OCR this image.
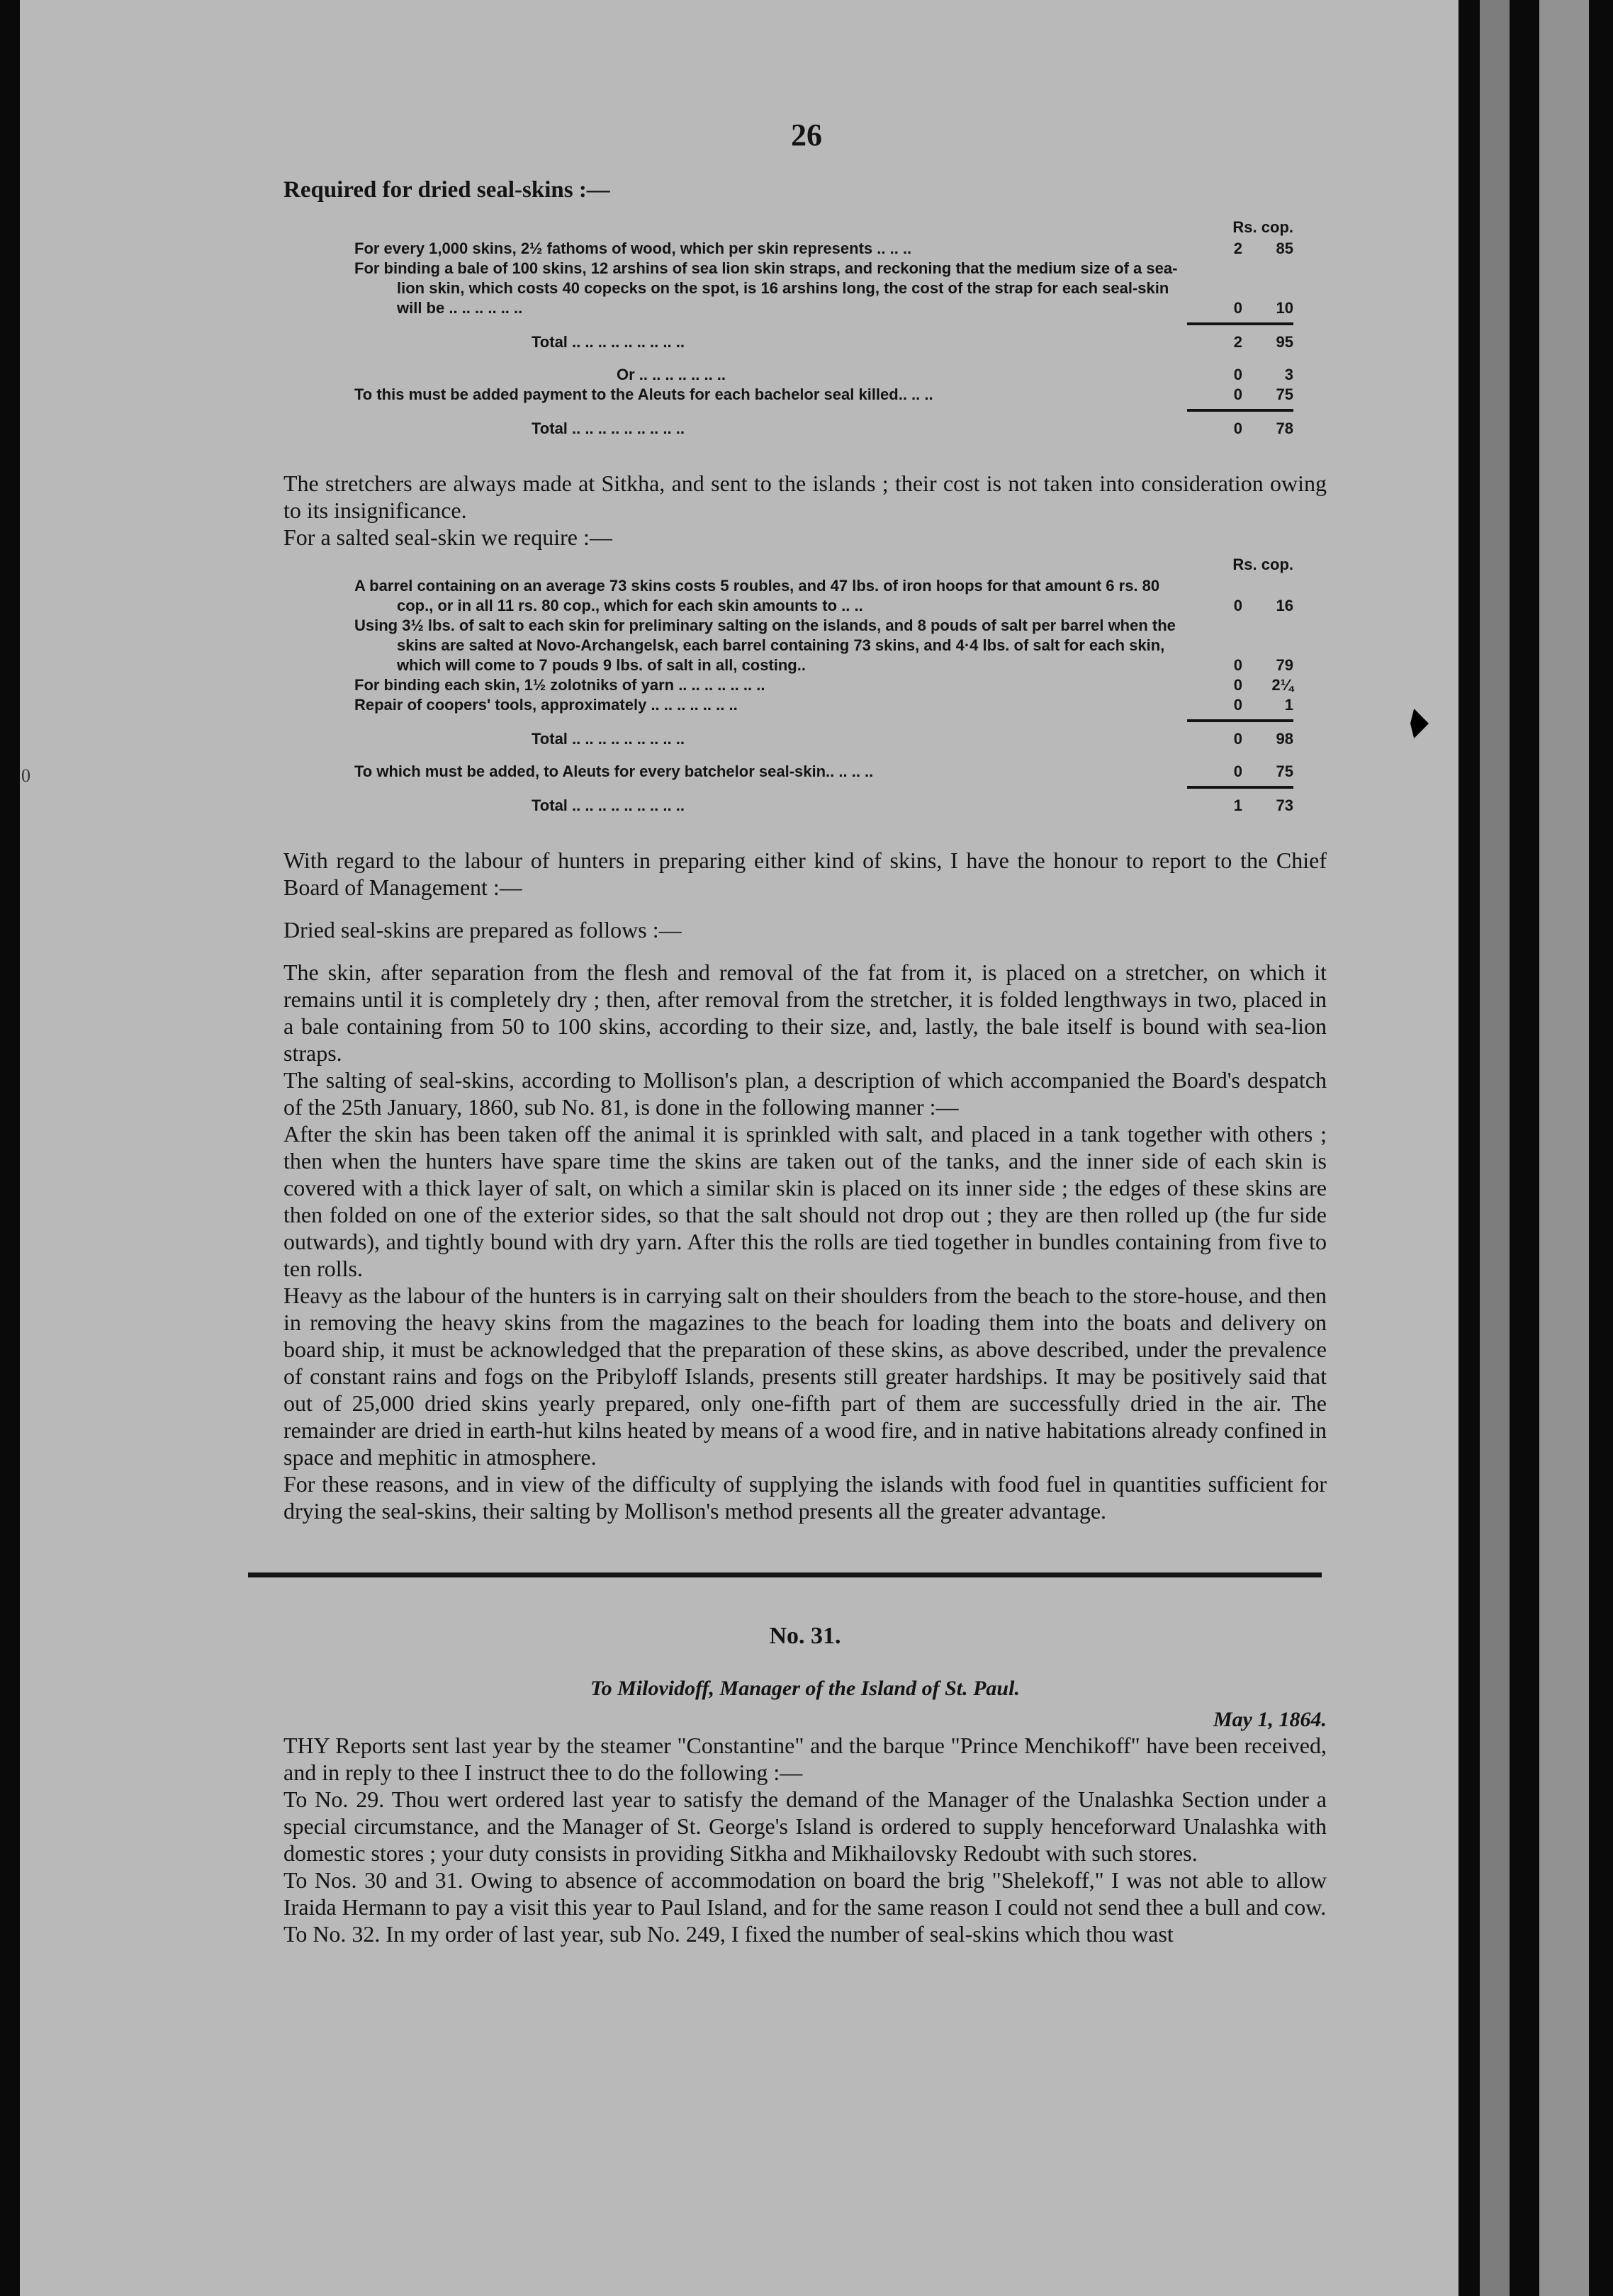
0
26

Required for dried seal-skins :—

Rs. cop.
For every 1,000 skins, 2½ fathoms of wood, which per skin represents .. .. ..	2	85
For binding a bale of 100 skins, 12 arshins of sea lion skin straps, and reckoning that the medium size of a sea-lion skin, which costs 40 copecks on the spot, is 16 arshins long, the cost of the strap for each seal-skin will be .. .. .. .. .. ..	0	10
Total .. .. .. .. .. .. .. .. ..	2	95
Or .. .. .. .. .. .. ..	0	3
To this must be added payment to the Aleuts for each bachelor seal killed.. .. ..	0	75
Total .. .. .. .. .. .. .. .. ..	0	78

The stretchers are always made at Sitkha, and sent to the islands ; their cost is not taken into consideration owing to its insignificance.

For a salted seal-skin we require :—

Rs. cop.
A barrel containing on an average 73 skins costs 5 roubles, and 47 lbs. of iron hoops for that amount 6 rs. 80 cop., or in all 11 rs. 80 cop., which for each skin amounts to .. ..	0	16
Using 3½ lbs. of salt to each skin for preliminary salting on the islands, and 8 pouds of salt per barrel when the skins are salted at Novo-Archangelsk, each barrel containing 73 skins, and 4·4 lbs. of salt for each skin, which will come to 7 pouds 9 lbs. of salt in all, costing..	0	79
For binding each skin, 1½ zolotniks of yarn .. .. .. .. .. .. ..	0	2¼
Repair of coopers' tools, approximately .. .. .. .. .. .. ..	0	1
Total .. .. .. .. .. .. .. .. ..	0	98
To which must be added, to Aleuts for every batchelor seal-skin.. .. .. ..	0	75
Total .. .. .. .. .. .. .. .. ..	1	73

With regard to the labour of hunters in preparing either kind of skins, I have the honour to report to the Chief Board of Management :—

Dried seal-skins are prepared as follows :—

The skin, after separation from the flesh and removal of the fat from it, is placed on a stretcher, on which it remains until it is completely dry ; then, after removal from the stretcher, it is folded lengthways in two, placed in a bale containing from 50 to 100 skins, according to their size, and, lastly, the bale itself is bound with sea-lion straps.

The salting of seal-skins, according to Mollison's plan, a description of which accompanied the Board's despatch of the 25th January, 1860, sub No. 81, is done in the following manner :—

After the skin has been taken off the animal it is sprinkled with salt, and placed in a tank together with others ; then when the hunters have spare time the skins are taken out of the tanks, and the inner side of each skin is covered with a thick layer of salt, on which a similar skin is placed on its inner side ; the edges of these skins are then folded on one of the exterior sides, so that the salt should not drop out ; they are then rolled up (the fur side outwards), and tightly bound with dry yarn. After this the rolls are tied together in bundles containing from five to ten rolls.

Heavy as the labour of the hunters is in carrying salt on their shoulders from the beach to the store-house, and then in removing the heavy skins from the magazines to the beach for loading them into the boats and delivery on board ship, it must be acknowledged that the preparation of these skins, as above described, under the prevalence of constant rains and fogs on the Pribyloff Islands, presents still greater hardships. It may be positively said that out of 25,000 dried skins yearly prepared, only one-fifth part of them are successfully dried in the air. The remainder are dried in earth-hut kilns heated by means of a wood fire, and in native habitations already confined in space and mephitic in atmosphere.

For these reasons, and in view of the difficulty of supplying the islands with food fuel in quantities sufficient for drying the seal-skins, their salting by Mollison's method presents all the greater advantage.

No. 31.

To Milovidoff, Manager of the Island of St. Paul.

May 1, 1864.

THY Reports sent last year by the steamer "Constantine" and the barque "Prince Menchikoff" have been received, and in reply to thee I instruct thee to do the following :—

To No. 29. Thou wert ordered last year to satisfy the demand of the Manager of the Unalashka Section under a special circumstance, and the Manager of St. George's Island is ordered to supply henceforward Unalashka with domestic stores ; your duty consists in providing Sitkha and Mikhailovsky Redoubt with such stores.

To Nos. 30 and 31. Owing to absence of accommodation on board the brig "Shelekoff," I was not able to allow Iraida Hermann to pay a visit this year to Paul Island, and for the same reason I could not send thee a bull and cow.

To No. 32. In my order of last year, sub No. 249, I fixed the number of seal-skins which thou wast
